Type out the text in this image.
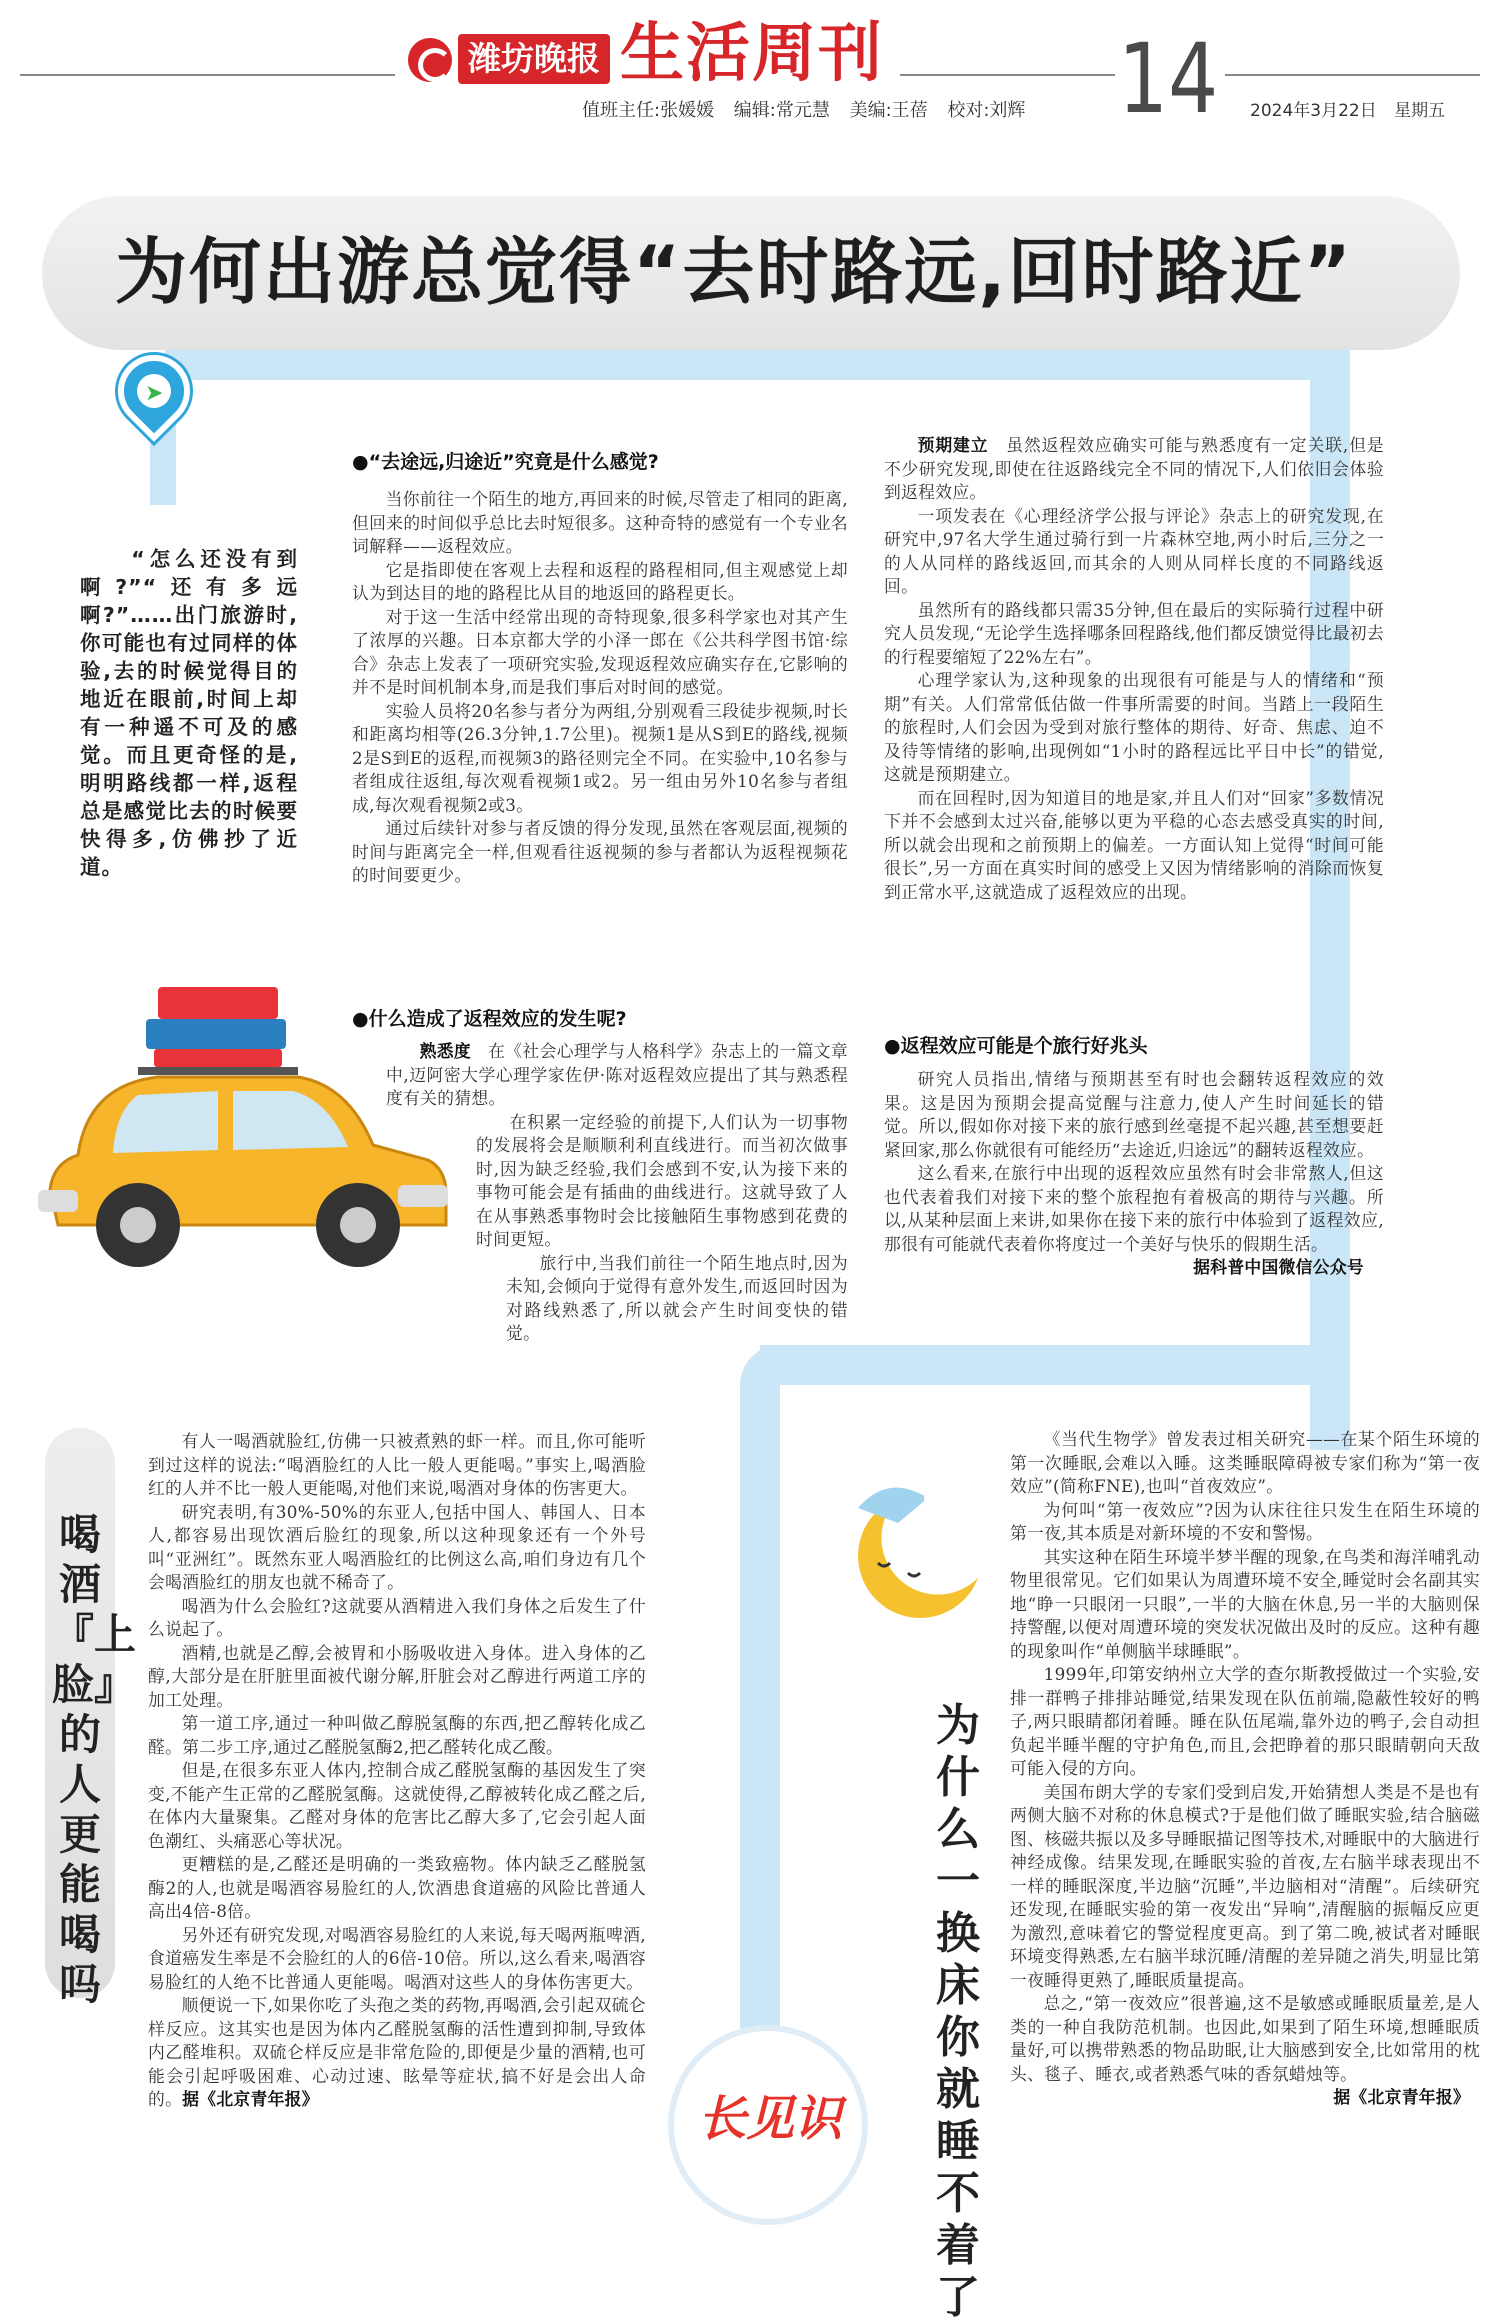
潍坊晚报 生活周刊 14
值班主任:张媛媛 编辑:常元慧 美编:王蓓 校对:刘辉	2024年3月22日 星期五
为何出游总觉得“去时路远,回时路近”
➤
“怎么还没有到啊?”“还有多远啊?”……出门旅游时,你可能也有过同样的体验,去的时候觉得目的地近在眼前,时间上却有一种遥不可及的感觉。而且更奇怪的是,明明路线都一样,返程总是感觉比去的时候要快得多,仿佛抄了近道。
●“去途远,归途近”究竟是什么感觉?
●什么造成了返程效应的发生呢?
●返程效应可能是个旅行好兆头

当你前往一个陌生的地方,再回来的时候,尽管走了相同的距离,但回来的时间似乎总比去时短很多。这种奇特的感觉有一个专业名词解释——返程效应。

它是指即使在客观上去程和返程的路程相同,但主观感觉上却认为到达目的地的路程比从目的地返回的路程更长。

对于这一生活中经常出现的奇特现象,很多科学家也对其产生了浓厚的兴趣。日本京都大学的小泽一郎在《公共科学图书馆·综合》杂志上发表了一项研究实验,发现返程效应确实存在,它影响的并不是时间机制本身,而是我们事后对时间的感觉。

实验人员将20名参与者分为两组,分别观看三段徒步视频,时长和距离均相等(26.3分钟,1.7公里)。视频1是从S到E的路线,视频2是S到E的返程,而视频3的路径则完全不同。在实验中,10名参与者组成往返组,每次观看视频1或2。另一组由另外10名参与者组成,每次观看视频2或3。

通过后续针对参与者反馈的得分发现,虽然在客观层面,视频的时间与距离完全一样,但观看往返视频的参与者都认为返程视频花的时间要更少。

熟悉度　 在《社会心理学与人格科学》杂志上的一篇文章中,迈阿密大学心理学家佐伊·陈对返程效应提出了其与熟悉程度有关的猜想。

在积累一定经验的前提下,人们认为一切事物的发展将会是顺顺利利直线进行。而当初次做事时,因为缺乏经验,我们会感到不安,认为接下来的事物可能会是有插曲的曲线进行。这就导致了人在从事熟悉事物时会比接触陌生事物感到花费的时间更短。

旅行中,当我们前往一个陌生地点时,因为未知,会倾向于觉得有意外发生,而返回时因为对路线熟悉了,所以就会产生时间变快的错觉。

预期建立　 虽然返程效应确实可能与熟悉度有一定关联,但是不少研究发现,即使在往返路线完全不同的情况下,人们依旧会体验到返程效应。

一项发表在《心理经济学公报与评论》杂志上的研究发现,在研究中,97名大学生通过骑行到一片森林空地,两小时后,三分之一的人从同样的路线返回,而其余的人则从同样长度的不同路线返回。

虽然所有的路线都只需35分钟,但在最后的实际骑行过程中研究人员发现,“无论学生选择哪条回程路线,他们都反馈觉得比最初去的行程要缩短了22%左右”。

心理学家认为,这种现象的出现很有可能是与人的情绪和“预期”有关。人们常常低估做一件事所需要的时间。当踏上一段陌生的旅程时,人们会因为受到对旅行整体的期待、好奇、焦虑、迫不及待等情绪的影响,出现例如“1小时的路程远比平日中长”的错觉,这就是预期建立。

而在回程时,因为知道目的地是家,并且人们对“回家”多数情况下并不会感到太过兴奋,能够以更为平稳的心态去感受真实的时间,所以就会出现和之前预期上的偏差。一方面认知上觉得“时间可能很长”,另一方面在真实时间的感受上又因为情绪影响的消除而恢复到正常水平,这就造成了返程效应的出现。

研究人员指出,情绪与预期甚至有时也会翻转返程效应的效果。这是因为预期会提高觉醒与注意力,使人产生时间延长的错觉。所以,假如你对接下来的旅行感到丝毫提不起兴趣,甚至想要赶紧回家,那么你就很有可能经历“去途近,归途远”的翻转返程效应。

这么看来,在旅行中出现的返程效应虽然有时会非常熬人,但这也代表着我们对接下来的整个旅程抱有着极高的期待与兴趣。所以,从某种层面上来讲,如果你在接下来的旅行中体验到了返程效应,那很有可能就代表着你将度过一个美好与快乐的假期生活。

据科普中国微信公众号

喝酒『上脸』的人更能喝吗

有人一喝酒就脸红,仿佛一只被煮熟的虾一样。而且,你可能听到过这样的说法:“喝酒脸红的人比一般人更能喝。”事实上,喝酒脸红的人并不比一般人更能喝,对他们来说,喝酒对身体的伤害更大。

研究表明,有30%-50%的东亚人,包括中国人、韩国人、日本人,都容易出现饮酒后脸红的现象,所以这种现象还有一个外号叫“亚洲红”。既然东亚人喝酒脸红的比例这么高,咱们身边有几个会喝酒脸红的朋友也就不稀奇了。

喝酒为什么会脸红?这就要从酒精进入我们身体之后发生了什么说起了。

酒精,也就是乙醇,会被胃和小肠吸收进入身体。进入身体的乙醇,大部分是在肝脏里面被代谢分解,肝脏会对乙醇进行两道工序的加工处理。

第一道工序,通过一种叫做乙醇脱氢酶的东西,把乙醇转化成乙醛。第二步工序,通过乙醛脱氢酶2,把乙醛转化成乙酸。

但是,在很多东亚人体内,控制合成乙醛脱氢酶的基因发生了突变,不能产生正常的乙醛脱氢酶。这就使得,乙醇被转化成乙醛之后,在体内大量聚集。乙醛对身体的危害比乙醇大多了,它会引起人面色潮红、头痛恶心等状况。

更糟糕的是,乙醛还是明确的一类致癌物。体内缺乏乙醛脱氢酶2的人,也就是喝酒容易脸红的人,饮酒患食道癌的风险比普通人高出4倍-8倍。

另外还有研究发现,对喝酒容易脸红的人来说,每天喝两瓶啤酒,食道癌发生率是不会脸红的人的6倍-10倍。所以,这么看来,喝酒容易脸红的人绝不比普通人更能喝。喝酒对这些人的身体伤害更大。

顺便说一下,如果你吃了头孢之类的药物,再喝酒,会引起双硫仑样反应。这其实也是因为体内乙醛脱氢酶的活性遭到抑制,导致体内乙醛堆积。双硫仑样反应是非常危险的,即便是少量的酒精,也可能会引起呼吸困难、心动过速、眩晕等症状,搞不好是会出人命的。据《北京青年报》

为什么一换床你就睡不着了
长见识

《当代生物学》曾发表过相关研究——在某个陌生环境的第一次睡眠,会难以入睡。这类睡眠障碍被专家们称为“第一夜效应”(简称FNE),也叫“首夜效应”。

为何叫“第一夜效应”?因为认床往往只发生在陌生环境的第一夜,其本质是对新环境的不安和警惕。

其实这种在陌生环境半梦半醒的现象,在鸟类和海洋哺乳动物里很常见。它们如果认为周遭环境不安全,睡觉时会名副其实地“睁一只眼闭一只眼”,一半的大脑在休息,另一半的大脑则保持警醒,以便对周遭环境的突发状况做出及时的反应。这种有趣的现象叫作“单侧脑半球睡眠”。

1999年,印第安纳州立大学的查尔斯教授做过一个实验,安排一群鸭子排排站睡觉,结果发现在队伍前端,隐蔽性较好的鸭子,两只眼睛都闭着睡。睡在队伍尾端,靠外边的鸭子,会自动担负起半睡半醒的守护角色,而且,会把睁着的那只眼睛朝向天敌可能入侵的方向。

美国布朗大学的专家们受到启发,开始猜想人类是不是也有两侧大脑不对称的休息模式?于是他们做了睡眠实验,结合脑磁图、核磁共振以及多导睡眠描记图等技术,对睡眠中的大脑进行神经成像。结果发现,在睡眠实验的首夜,左右脑半球表现出不一样的睡眠深度,半边脑“沉睡”,半边脑相对“清醒”。后续研究还发现,在睡眠实验的第一夜发出“异响”,清醒脑的振幅反应更为激烈,意味着它的警觉程度更高。到了第二晚,被试者对睡眠环境变得熟悉,左右脑半球沉睡/清醒的差异随之消失,明显比第一夜睡得更熟了,睡眠质量提高。

总之,“第一夜效应”很普遍,这不是敏感或睡眠质量差,是人类的一种自我防范机制。也因此,如果到了陌生环境,想睡眠质量好,可以携带熟悉的物品助眠,让大脑感到安全,比如常用的枕头、毯子、睡衣,或者熟悉气味的香氛蜡烛等。

据《北京青年报》
